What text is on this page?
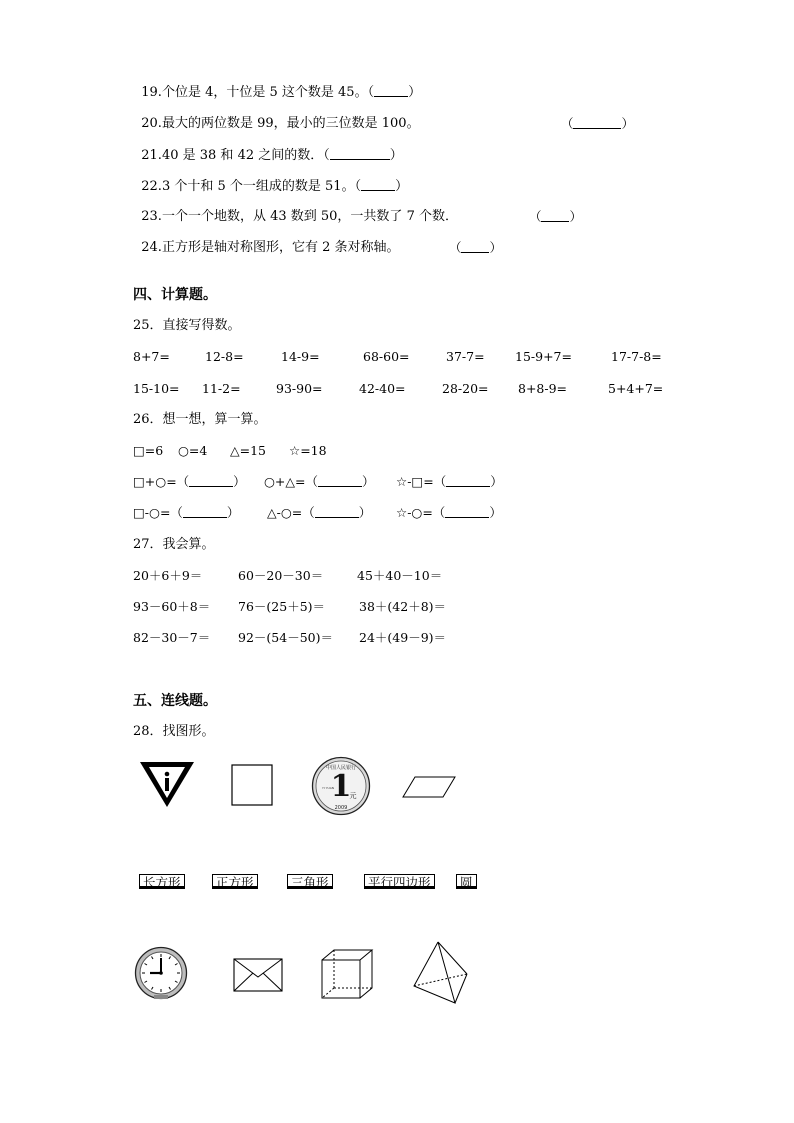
19.个位是 4，十位是 5 这个数是 45。（	）

20.最大的两位数是 99，最小的三位数是 100。	（	）

21.40 是 38 和 42 之间的数．（	）

22.3 个十和 5 个一组成的数是 51。（	）

23.一个一个地数，从 43 数到 50，一共数了 7 个数．	（ ）

24.正方形是轴对称图形，它有 2 条对称轴。	（ ）

四、计算题。
25．直接写得数。
8+7=	12-8=	14-9=	68-60=	37-7= 15-9+7=	17-7-8=
15-10= 11-2=	93-90=	42-40=	28-20= 8+8-9=	5+4+7=
26．想一想，算一算。
□=6 ○=4 △=15 ☆=18
□+○=（	） ○+△=（	） ☆-□=（	）
□-○=（	） △-○=（	） ☆-○=（	）
27．我会算。
20＋6＋9＝	60－20－30＝	45＋40－10＝
93－60＋8＝ 76－(25＋5)＝	38＋(42＋8)＝
82－30－7＝ 92－(54－50)＝ 24＋(49－9)＝
五、连线题。
28．找图形。
1
中国人民银行
元
YI YUAN
2009
长方形	正方形	三角形	平行四边形	圆
